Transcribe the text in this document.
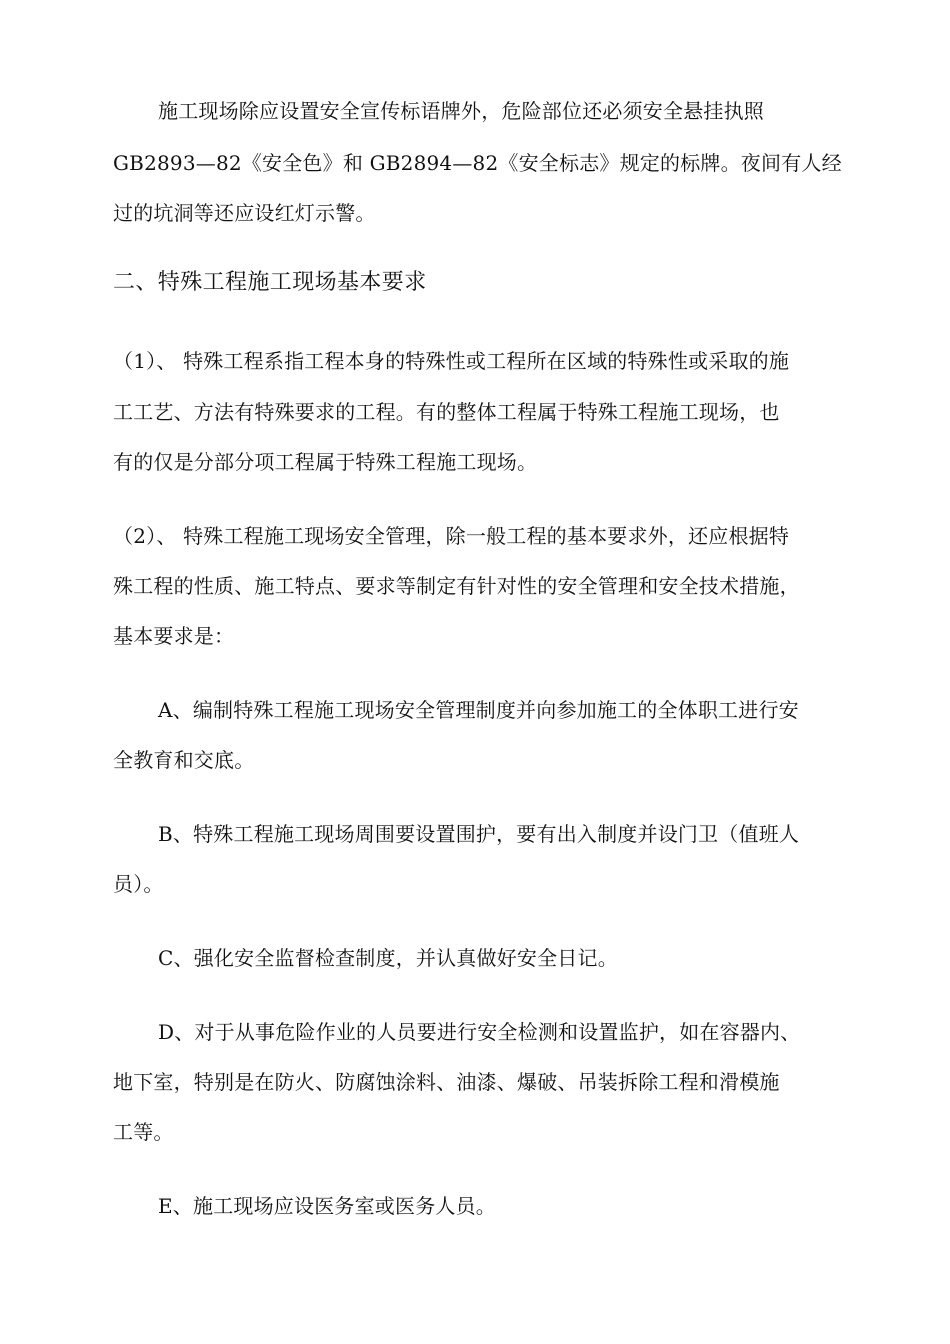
施工现场除应设置安全宣传标语牌外，危险部位还必须安全悬挂执照
GB2893—82《安全色》和 GB2894—82《安全标志》规定的标牌。夜间有人经
过的坑洞等还应设红灯示警。
二、特殊工程施工现场基本要求
（1）、 特殊工程系指工程本身的特殊性或工程所在区域的特殊性或采取的施
工工艺、方法有特殊要求的工程。有的整体工程属于特殊工程施工现场，也
有的仅是分部分项工程属于特殊工程施工现场。
（2）、 特殊工程施工现场安全管理，除一般工程的基本要求外，还应根据特
殊工程的性质、施工特点、要求等制定有针对性的安全管理和安全技术措施，
基本要求是：
A、编制特殊工程施工现场安全管理制度并向参加施工的全体职工进行安
全教育和交底。
B、特殊工程施工现场周围要设置围护，要有出入制度并设门卫（值班人
员）。
C、强化安全监督检查制度，并认真做好安全日记。
D、对于从事危险作业的人员要进行安全检测和设置监护，如在容器内、
地下室，特别是在防火、防腐蚀涂料、油漆、爆破、吊装拆除工程和滑模施
工等。
E、施工现场应设医务室或医务人员。
